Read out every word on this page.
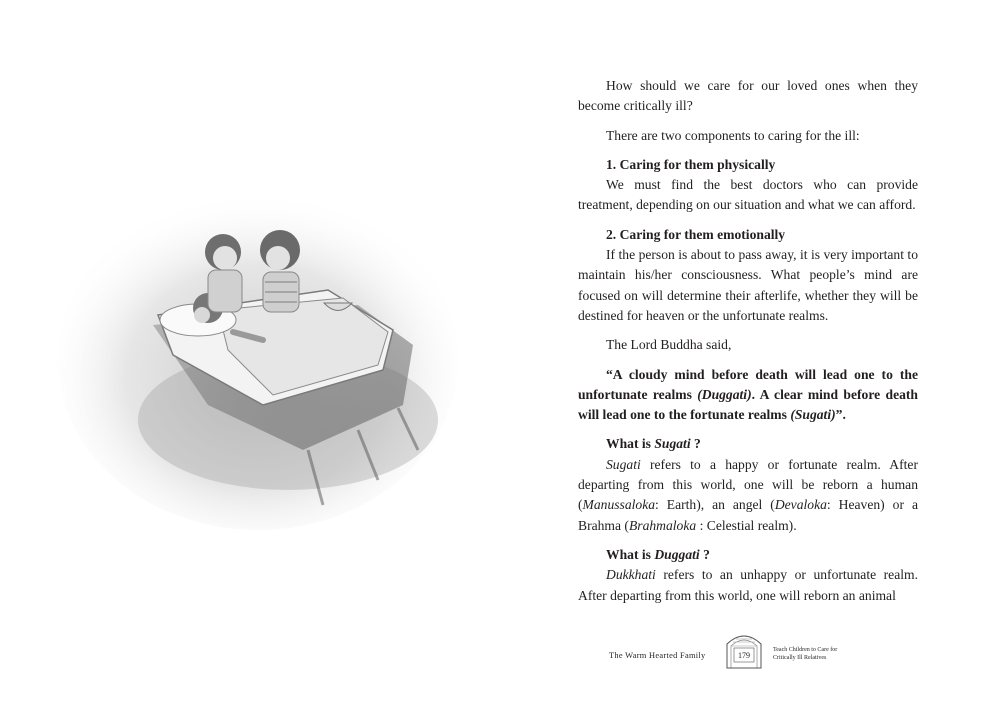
How should we care for our loved ones when they become critically ill?

There are two components to caring for the ill:

1. Caring for them physically
We must find the best doctors who can provide treatment, depending on our situation and what we can afford.

2. Caring for them emotionally
If the person is about to pass away, it is very important to maintain his/her consciousness. What people’s mind are focused on will determine their afterlife, whether they will be destined for heaven or the unfortunate realms.

The Lord Buddha said,

“A cloudy mind before death will lead one to the unfortunate realms (Duggati). A clear mind before death will lead one to the fortunate realms (Sugati)”.

What is Sugati ?
Sugati refers to a happy or fortunate realm. After departing from this world, one will be reborn a human (Manussaloka: Earth), an angel (Devaloka: Heaven) or a Brahma (Brahmaloka : Celestial realm).

What is Duggati ?
Dukkhati refers to an unhappy or unfortunate realm. After departing from this world, one will reborn an animal

The Warm Hearted Family	179
Teach Children to Care for
Critically Ill Relatives
